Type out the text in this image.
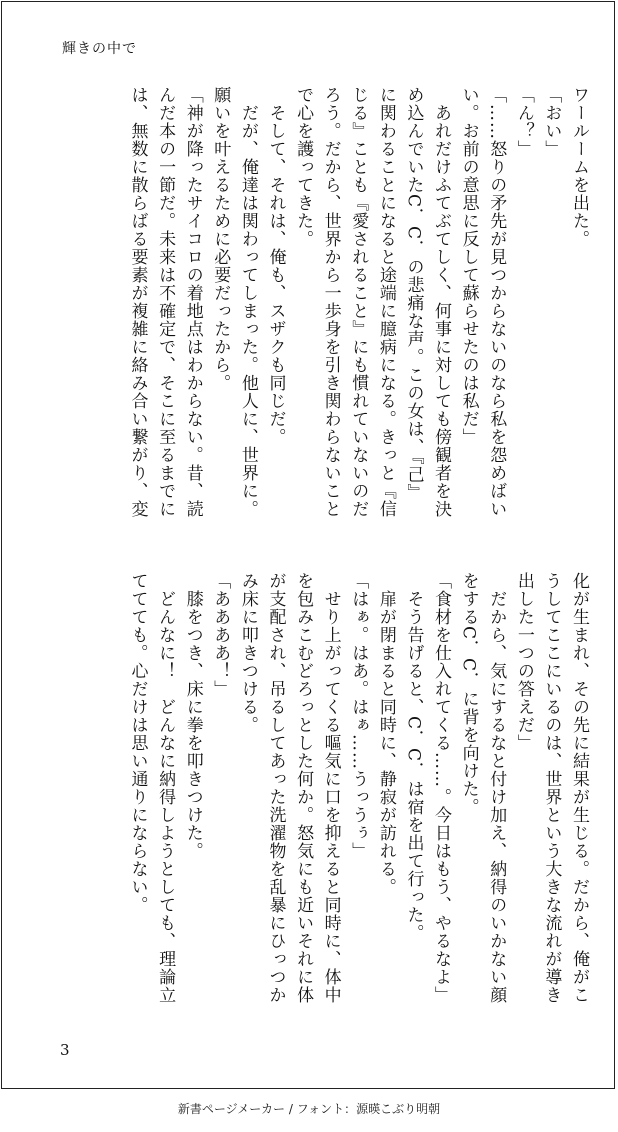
輝きの中で
ワールームを出た。
「おい」
「ん？」
「……怒りの矛先が見つからないのなら私を怨めばい
い。お前の意思に反して蘇らせたのは私だ」
　あれだけふてぶてしく、何事に対しても傍観者を決
め込んでいたC．C．の悲痛な声。この女は、『己』
に関わることになると途端に臆病になる。きっと『信
じる』ことも『愛されること』にも慣れていないのだ
ろう。だから、世界から一歩身を引き関わらないこと
で心を護ってきた。
　そして、それは、俺も、スザクも同じだ。
　だが、俺達は関わってしまった。他人に、世界に。
願いを叶えるために必要だったから。
「神が降ったサイコロの着地点はわからない。昔、読
んだ本の一節だ。未来は不確定で、そこに至るまでに
は、無数に散らばる要素が複雑に絡み合い繋がり、変
化が生まれ、その先に結果が生じる。だから、俺がこ
うしてここにいるのは、世界という大きな流れが導き
出した一つの答えだ」
　だから、気にするなと付け加え、納得のいかない顔
をするC．C．に背を向けた。
「食材を仕入れてくる……。今日はもう、やるなよ」
　そう告げると、C．C．は宿を出て行った。
　扉が閉まると同時に、静寂が訪れる。
「はぁ。はあ。はぁ……うっうぅ」
　せり上がってくる嘔気に口を抑えると同時に、体中
を包みこむどろっとした何か。怒気にも近いそれに体
が支配され、吊るしてあった洗濯物を乱暴にひっつか
み床に叩きつける。
「ああああ！」
　膝をつき、床に拳を叩きつけた。
　どんなに！　どんなに納得しようとしても、理論立
ててても。心だけは思い通りにならない。
3
新書ページメーカー / フォント：源暎こぶり明朝
